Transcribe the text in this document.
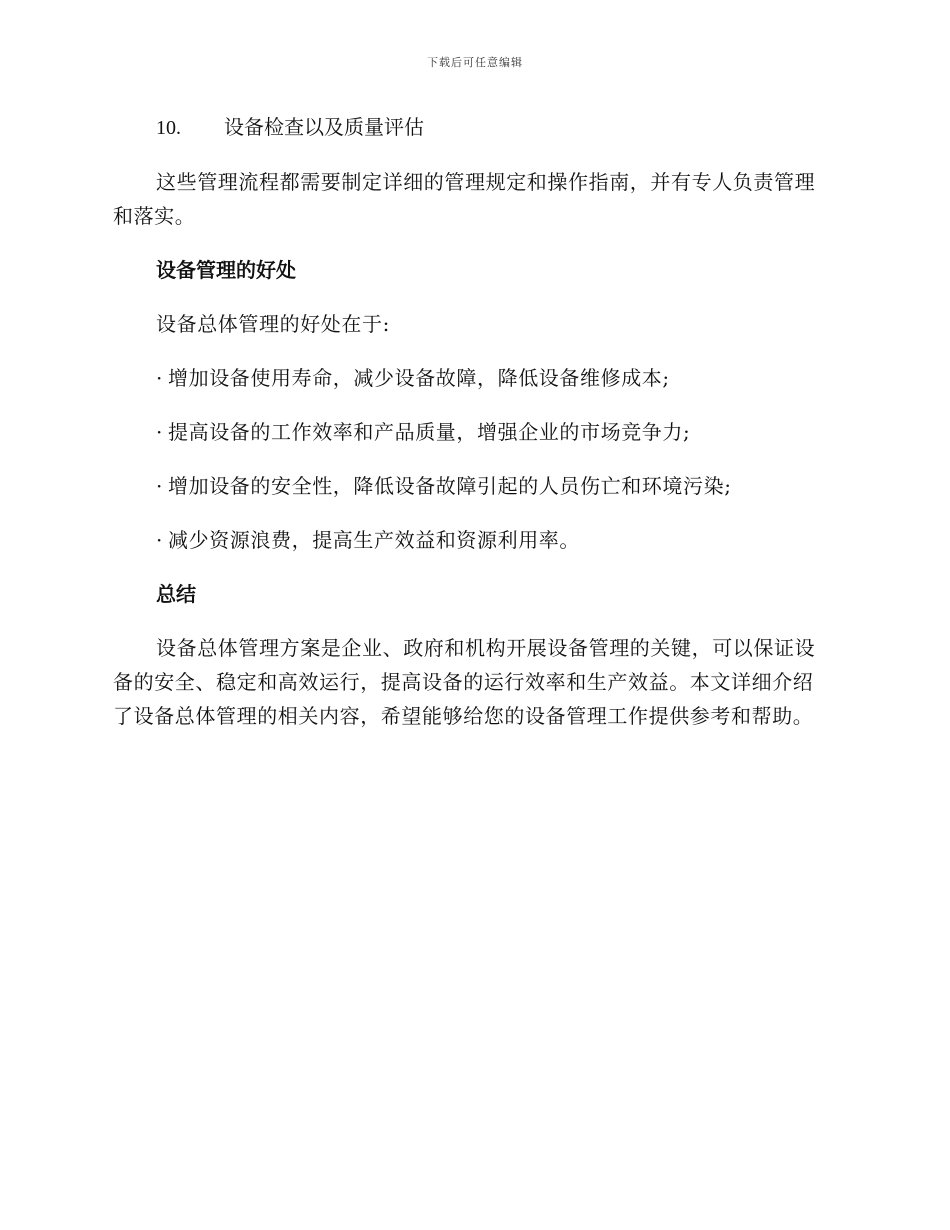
下载后可任意编辑

10. 设备检查以及质量评估

这些管理流程都需要制定详细的管理规定和操作指南，并有专人负责管理和落实。

设备管理的好处

设备总体管理的好处在于:

· 增加设备使用寿命，减少设备故障，降低设备维修成本;

· 提高设备的工作效率和产品质量，增强企业的市场竞争力;

· 增加设备的安全性，降低设备故障引起的人员伤亡和环境污染;

· 减少资源浪费，提高生产效益和资源利用率。

总结

设备总体管理方案是企业、政府和机构开展设备管理的关键，可以保证设备的安全、稳定和高效运行，提高设备的运行效率和生产效益。本文详细介绍了设备总体管理的相关内容，希望能够给您的设备管理工作提供参考和帮助。
